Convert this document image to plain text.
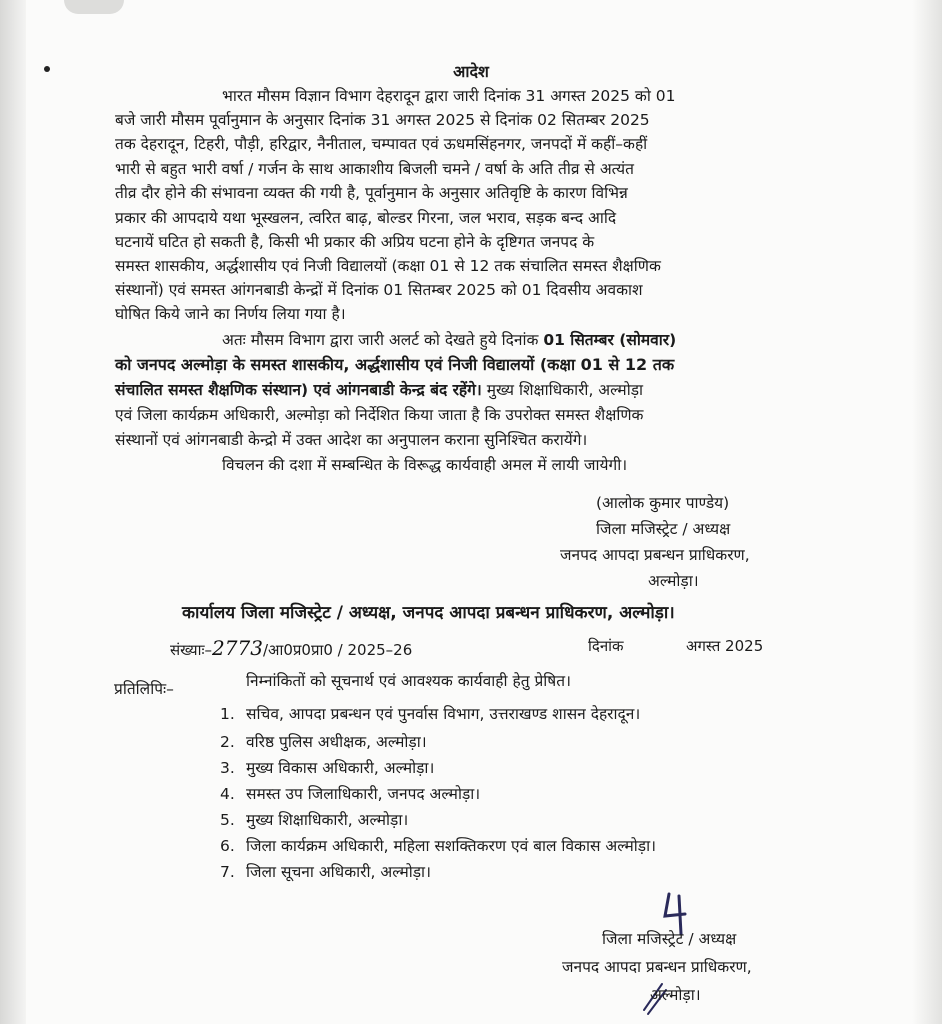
आदेश
भारत मौसम विज्ञान विभाग देहरादून द्वारा जारी दिनांक 31 अगस्त 2025 को 01
बजे जारी मौसम पूर्वानुमान के अनुसार दिनांक 31 अगस्त 2025 से दिनांक 02 सितम्बर 2025
तक देहरादून, टिहरी, पौड़ी, हरिद्वार, नैनीताल, चम्पावत एवं ऊधमसिंहनगर, जनपदों में कहीं–कहीं
भारी से बहुत भारी वर्षा / गर्जन के साथ आकाशीय बिजली चमने / वर्षा के अति तीव्र से अत्यंत
तीव्र दौर होने की संभावना व्यक्त की गयी है, पूर्वानुमान के अनुसार अतिवृष्टि के कारण विभिन्न
प्रकार की आपदाये यथा भूस्खलन, त्वरित बाढ़, बोल्डर गिरना, जल भराव, सड़क बन्द आदि
घटनायें घटित हो सकती है, किसी भी प्रकार की अप्रिय घटना होने के दृष्टिगत जनपद के
समस्त शासकीय, अर्द्धशासीय एवं निजी विद्यालयों (कक्षा 01 से 12 तक संचालित समस्त शैक्षणिक
संस्थानों) एवं समस्त आंगनबाडी केन्द्रों में दिनांक 01 सितम्बर 2025 को 01 दिवसीय अवकाश
घोषित किये जाने का निर्णय लिया गया है।
अतः मौसम विभाग द्वारा जारी अलर्ट को देखते हुये दिनांक 01 सितम्बर (सोमवार)
को जनपद अल्मोड़ा के समस्त शासकीय, अर्द्धशासीय एवं निजी विद्यालयों (कक्षा 01 से 12 तक
संचालित समस्त शैक्षणिक संस्थान) एवं आंगनबाडी केन्द्र बंद रहेंगे। मुख्य शिक्षाधिकारी, अल्मोड़ा
एवं जिला कार्यक्रम अधिकारी, अल्मोड़ा को निर्देशित किया जाता है कि उपरोक्त समस्त शैक्षणिक
संस्थानों एवं आंगनबाडी केन्द्रो में उक्त आदेश का अनुपालन कराना सुनिश्चित करायेंगे।
विचलन की दशा में सम्बन्धित के विरूद्ध कार्यवाही अमल में लायी जायेगी।
(आलोक कुमार पाण्डेय)
जिला मजिस्ट्रेट / अध्यक्ष
जनपद आपदा प्रबन्धन प्राधिकरण,
अल्मोड़ा।
कार्यालय जिला मजिस्ट्रेट / अध्यक्ष, जनपद आपदा प्रबन्धन प्राधिकरण, अल्मोड़ा।
संख्याः–2773/आ0प्र0प्रा0 / 2025–26	दिनांक	अगस्त 2025
प्रतिलिपिः–	निम्नांकितों को सूचनार्थ एवं आवश्यक कार्यवाही हेतु प्रेषित।
1. सचिव, आपदा प्रबन्धन एवं पुनर्वास विभाग, उत्तराखण्ड शासन देहरादून।
2. वरिष्ठ पुलिस अधीक्षक, अल्मोड़ा।
3. मुख्य विकास अधिकारी, अल्मोड़ा।
4. समस्त उप जिलाधिकारी, जनपद अल्मोड़ा।
5. मुख्य शिक्षाधिकारी, अल्मोड़ा।
6. जिला कार्यक्रम अधिकारी, महिला सशक्तिकरण एवं बाल विकास अल्मोड़ा।
7. जिला सूचना अधिकारी, अल्मोड़ा।
जिला मजिस्ट्रेट / अध्यक्ष
जनपद आपदा प्रबन्धन प्राधिकरण,
अल्मोड़ा।
